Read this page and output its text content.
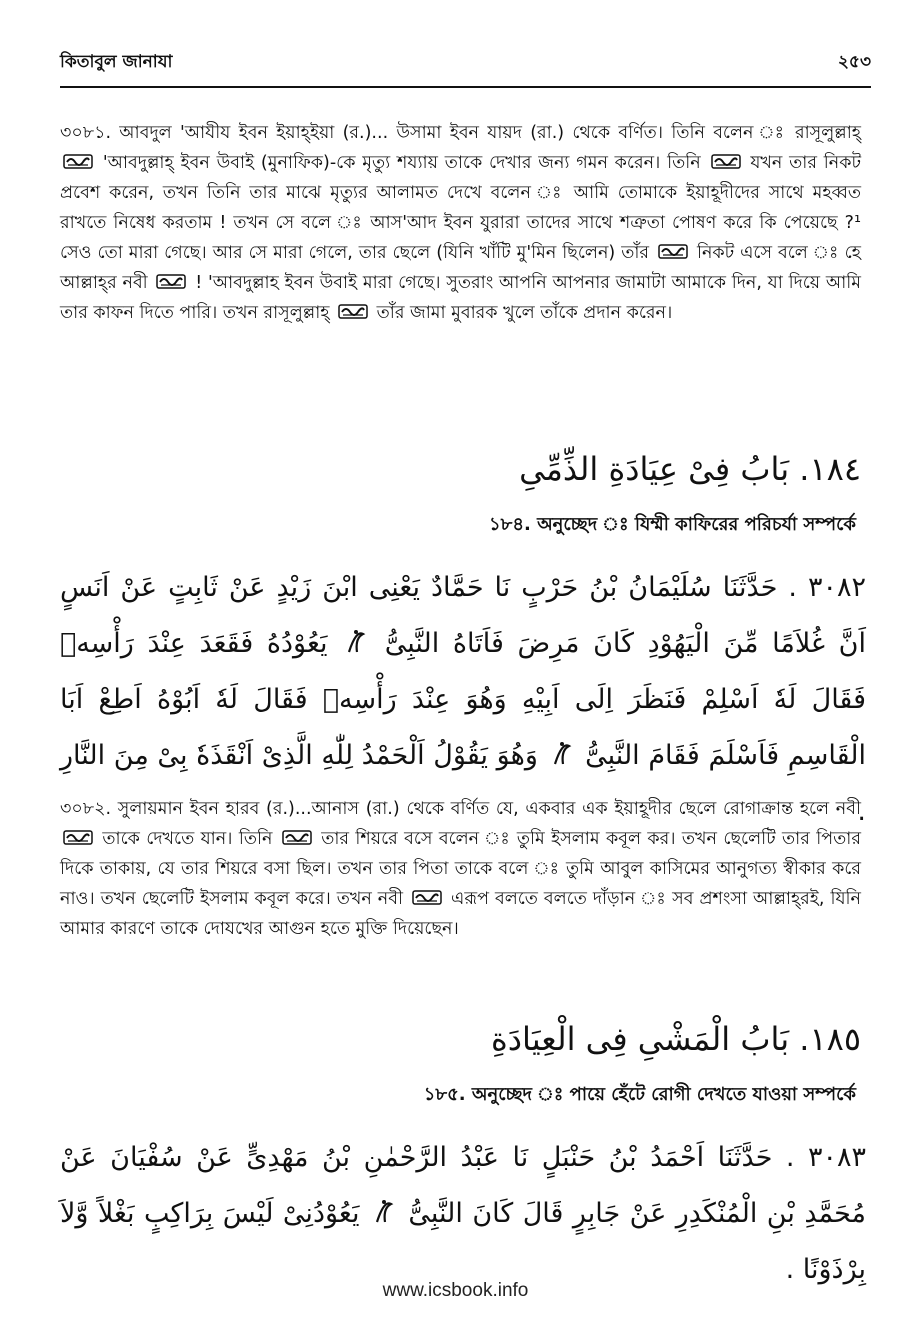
কিতাবুল জানাযা	২৫৩
৩০৮১. আবদুল 'আযীয ইবন ইয়াহ্‌ইয়া (র.)... উসামা ইবন যায়দ (রা.) থেকে বর্ণিত। তিনি বলেন ঃ রাসূলুল্লাহ্
'আবদুল্লাহ্ ইবন উবাই (মুনাফিক)-কে মৃত্যু শয্যায় তাকে দেখার জন্য গমন করেন। তিনি	যখন তার নিকট প্রবেশ করেন, তখন তিনি তার মাঝে মৃত্যুর আলামত দেখে বলেন ঃ আমি তোমাকে ইয়াহূদীদের সাথে মহব্বত রাখতে নিষেধ করতাম ! তখন সে বলে ঃ আস'আদ ইবন যুরারা তাদের সাথে শত্রুতা পোষণ করে কি পেয়েছে ?¹ সেও তো মারা গেছে। আর সে মারা গেলে, তার ছেলে (যিনি খাঁটি মু'মিন ছিলেন) তাঁর	নিকট এসে বলে ঃ হে আল্লাহ্‌র নবী	! 'আবদুল্লাহ ইবন উবাই মারা গেছে। সুতরাং আপনি আপনার জামাটা আমাকে দিন, যা দিয়ে আমি তার কাফন দিতে পারি। তখন রাসূলুল্লাহ্	তাঁর জামা মুবারক খুলে তাঁকে প্রদান করেন।
١٨٤. بَابُ فِىْ عِيَادَةِ الذِّمِّىِ
১৮৪. অনুচ্ছেদ ঃ যিম্মী কাফিরের পরিচর্যা সম্পর্কে
٣٠٨٢ . حَدَّثَنَا سُلَيْمَانُ بْنُ حَرْبٍ نَا حَمَّادٌ يَعْنِى ابْنَ زَيْدٍ عَنْ ثَابِتٍ عَنْ اَنَسٍ اَنَّ غُلاَمًا مِّنَ الْيَهُوْدِ كَانَ مَرِضَ فَاَتَاهُ النَّبِىُّ
يَعُوْدُهُ فَقَعَدَ عِنْدَ رَأْسِهٖ فَقَالَ لَهٗ اَسْلِمْ فَنَظَرَ اِلَى اَبِيْهِ وَهُوَ عِنْدَ رَأْسِهٖ فَقَالَ لَهٗ اَبُوْهُ اَطِعْ اَبَا الْقَاسِمِ فَاَسْلَمَ فَقَامَ النَّبِىُّ
وَهُوَ يَقُوْلُ اَلْحَمْدُ لِلّٰهِ الَّذِىْ اَنْقَذَهٗ بِىْ مِنَ النَّارِ .
৩০৮২. সুলায়মান ইবন হারব (র.)...আনাস (রা.) থেকে বর্ণিত যে, একবার এক ইয়াহূদীর ছেলে রোগাক্রান্ত হলে নবী
তাকে দেখতে যান। তিনি	তার শিয়রে বসে বলেন ঃ তুমি ইসলাম কবূল কর। তখন ছেলেটি তার পিতার দিকে তাকায়, যে তার শিয়রে বসা ছিল। তখন তার পিতা তাকে বলে ঃ তুমি আবুল কাসিমের আনুগত্য স্বীকার করে নাও। তখন ছেলেটি ইসলাম কবূল করে। তখন নবী	এরূপ বলতে বলতে দাঁড়ান ঃ সব প্রশংসা আল্লাহ্‌রই, যিনি আমার কারণে তাকে দোযখের আগুন হতে মুক্তি দিয়েছেন।
١٨٥. بَابُ الْمَشْىِ فِى الْعِيَادَةِ
১৮৫. অনুচ্ছেদ ঃ পায়ে হেঁটে রোগী দেখতে যাওয়া সম্পর্কে
٣٠٨٣ . حَدَّثَنَا اَحْمَدُ بْنُ حَنْبَلٍ نَا عَبْدُ الرَّحْمٰنِ بْنُ مَهْدِىٍّ عَنْ سُفْيَانَ عَنْ مُحَمَّدِ بْنِ الْمُنْكَدِرِ عَنْ جَابِرٍ قَالَ كَانَ النَّبِىُّ
يَعُوْدُنِىْ لَيْسَ بِرَاكِبٍ بَغْلاً وَّلاَ بِرْذَوْنًا .
www.icsbook.info
